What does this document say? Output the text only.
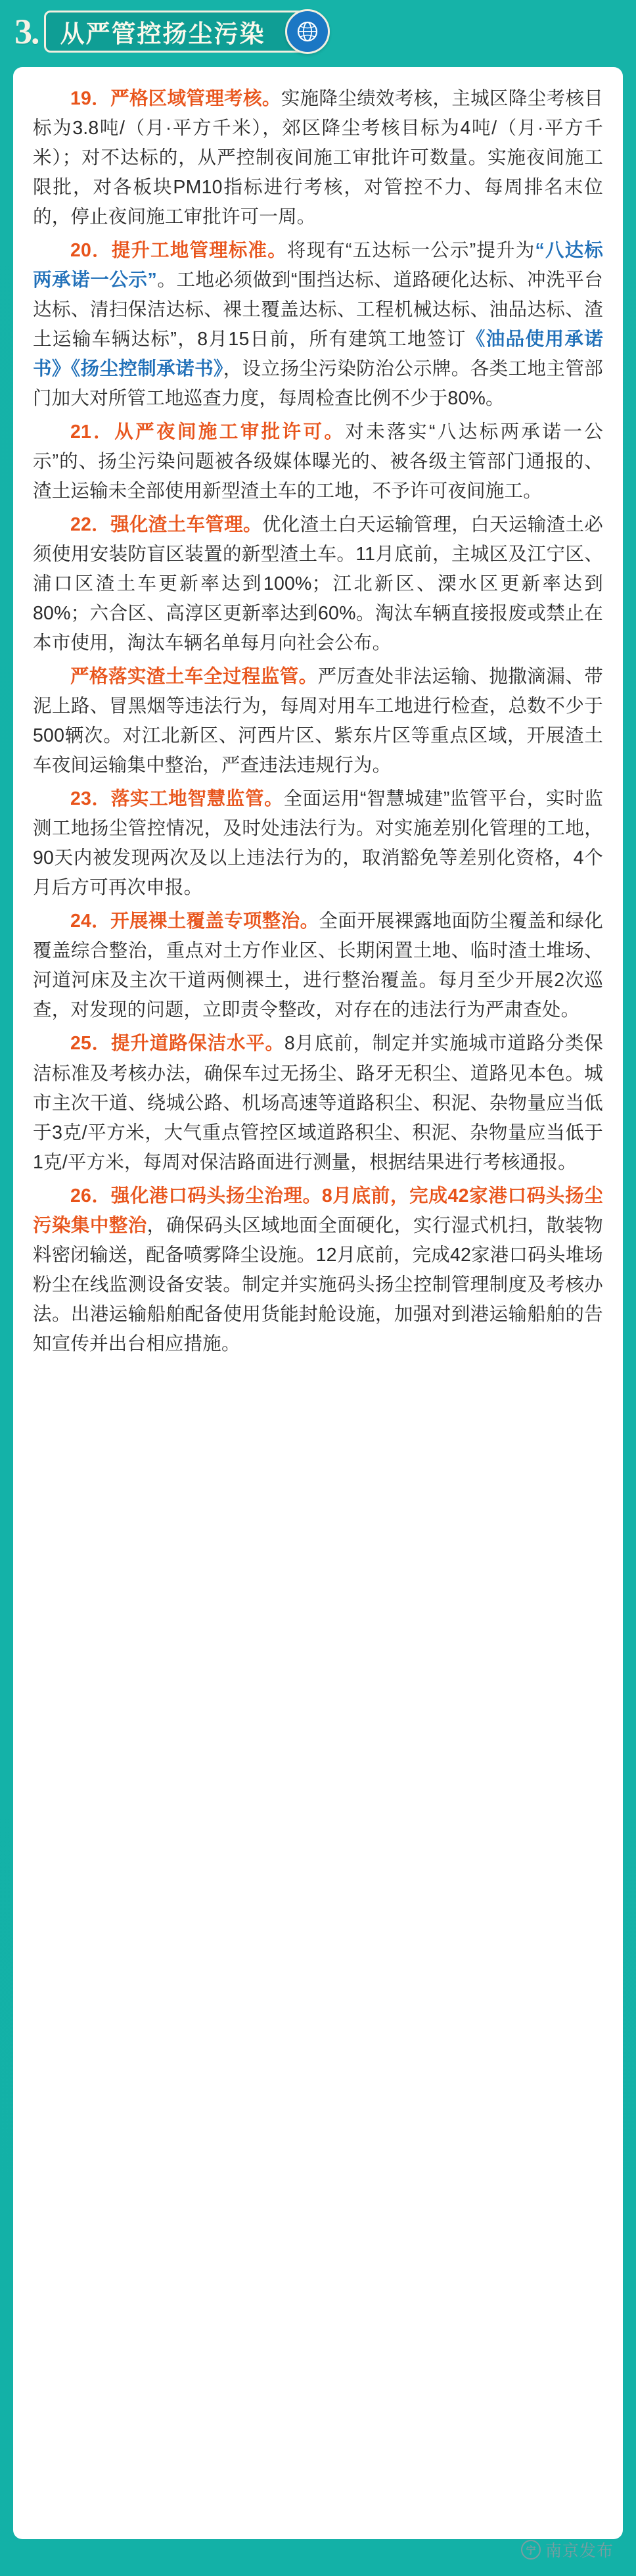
3. 从严管控扬尘污染

19．严格区域管理考核。实施降尘绩效考核，主城区降尘考核目标为3.8吨/（月·平方千米），郊区降尘考核目标为4吨/（月·平方千米）；对不达标的，从严控制夜间施工审批许可数量。实施夜间施工限批，对各板块PM10指标进行考核，对管控不力、每周排名末位的，停止夜间施工审批许可一周。

20．提升工地管理标准。将现有“五达标一公示”提升为“八达标两承诺一公示”。工地必须做到“围挡达标、道路硬化达标、冲洗平台达标、清扫保洁达标、裸土覆盖达标、工程机械达标、油品达标、渣土运输车辆达标”，8月15日前，所有建筑工地签订《油品使用承诺书》《扬尘控制承诺书》，设立扬尘污染防治公示牌。各类工地主管部门加大对所管工地巡查力度，每周检查比例不少于80%。

21．从严夜间施工审批许可。对未落实“八达标两承诺一公示”的、扬尘污染问题被各级媒体曝光的、被各级主管部门通报的、渣土运输未全部使用新型渣土车的工地，不予许可夜间施工。

22．强化渣土车管理。优化渣土白天运输管理，白天运输渣土必须使用安装防盲区装置的新型渣土车。11月底前，主城区及江宁区、浦口区渣土车更新率达到100%；江北新区、溧水区更新率达到80%；六合区、高淳区更新率达到60%。淘汰车辆直接报废或禁止在本市使用，淘汰车辆名单每月向社会公布。

严格落实渣土车全过程监管。严厉查处非法运输、抛撒滴漏、带泥上路、冒黑烟等违法行为，每周对用车工地进行检查，总数不少于500辆次。对江北新区、河西片区、紫东片区等重点区域，开展渣土车夜间运输集中整治，严查违法违规行为。

23．落实工地智慧监管。全面运用“智慧城建”监管平台，实时监测工地扬尘管控情况，及时处违法行为。对实施差别化管理的工地，90天内被发现两次及以上违法行为的，取消豁免等差别化资格，4个月后方可再次申报。

24．开展裸土覆盖专项整治。全面开展裸露地面防尘覆盖和绿化覆盖综合整治，重点对土方作业区、长期闲置土地、临时渣土堆场、河道河床及主次干道两侧裸土，进行整治覆盖。每月至少开展2次巡查，对发现的问题，立即责令整改，对存在的违法行为严肃查处。

25．提升道路保洁水平。8月底前，制定并实施城市道路分类保洁标准及考核办法，确保车过无扬尘、路牙无积尘、道路见本色。城市主次干道、绕城公路、机场高速等道路积尘、积泥、杂物量应当低于3克/平方米，大气重点管控区域道路积尘、积泥、杂物量应当低于1克/平方米，每周对保洁路面进行测量，根据结果进行考核通报。

26．强化港口码头扬尘治理。8月底前，完成42家港口码头扬尘污染集中整治，确保码头区域地面全面硬化，实行湿式机扫，散装物料密闭输送，配备喷雾降尘设施。12月底前，完成42家港口码头堆场粉尘在线监测设备安装。制定并实施码头扬尘控制管理制度及考核办法。出港运输船舶配备使用货能封舱设施，加强对到港运输船舶的告知宣传并出台相应措施。

宁 南京发布
